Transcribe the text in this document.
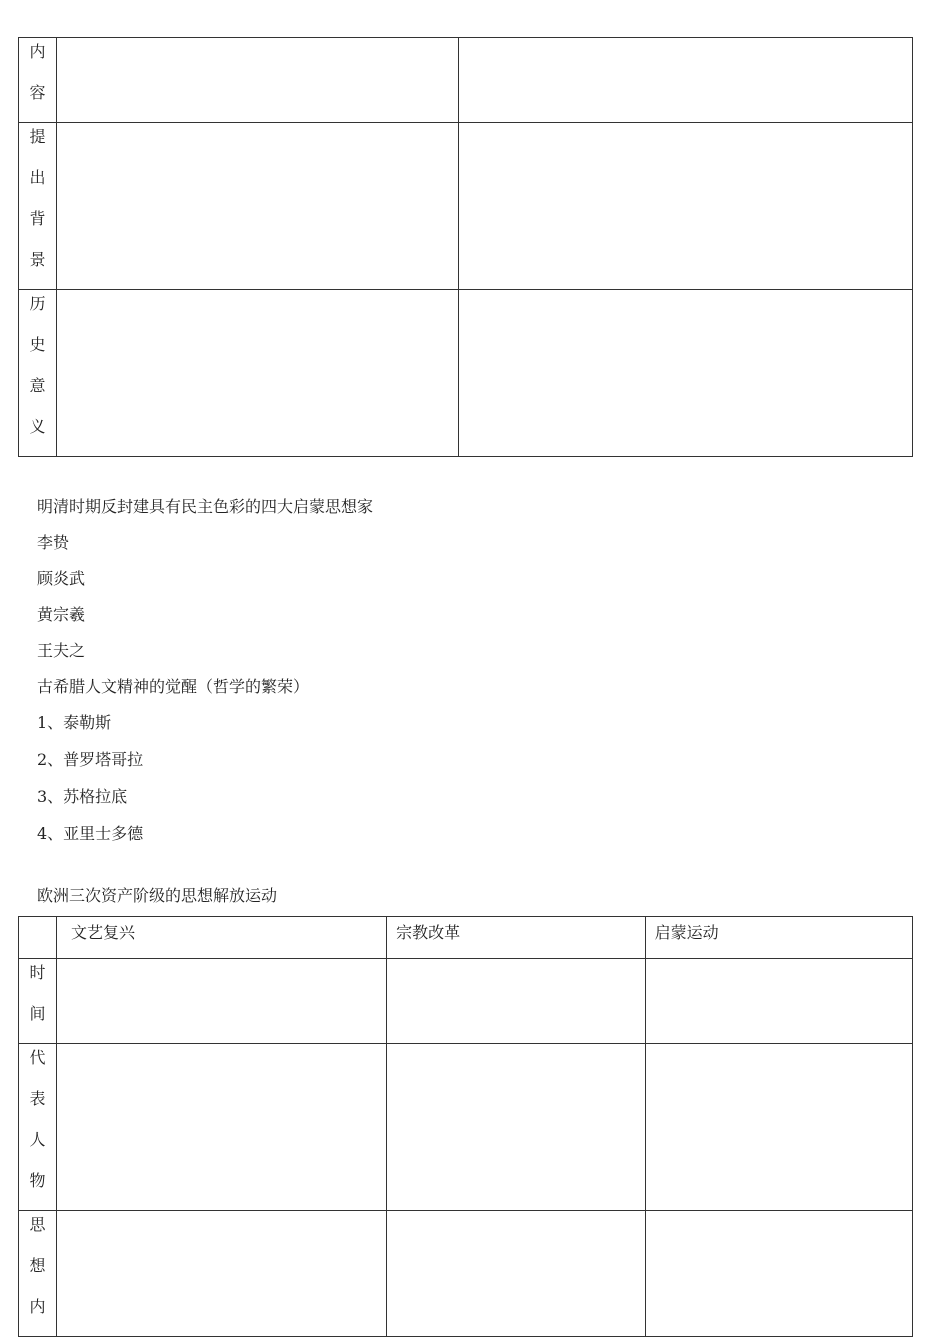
内
容		

提
出
背
景		

历
史
意
义		

明清时期反封建具有民主色彩的四大启蒙思想家
李贽
顾炎武
黄宗羲
王夫之
古希腊人文精神的觉醒（哲学的繁荣）
1、泰勒斯
2、普罗塔哥拉
3、苏格拉底
4、亚里士多德
欧洲三次资产阶级的思想解放运动
	文艺复兴	宗教改革	启蒙运动

时
间			

代
表
人
物			

思
想
内			
